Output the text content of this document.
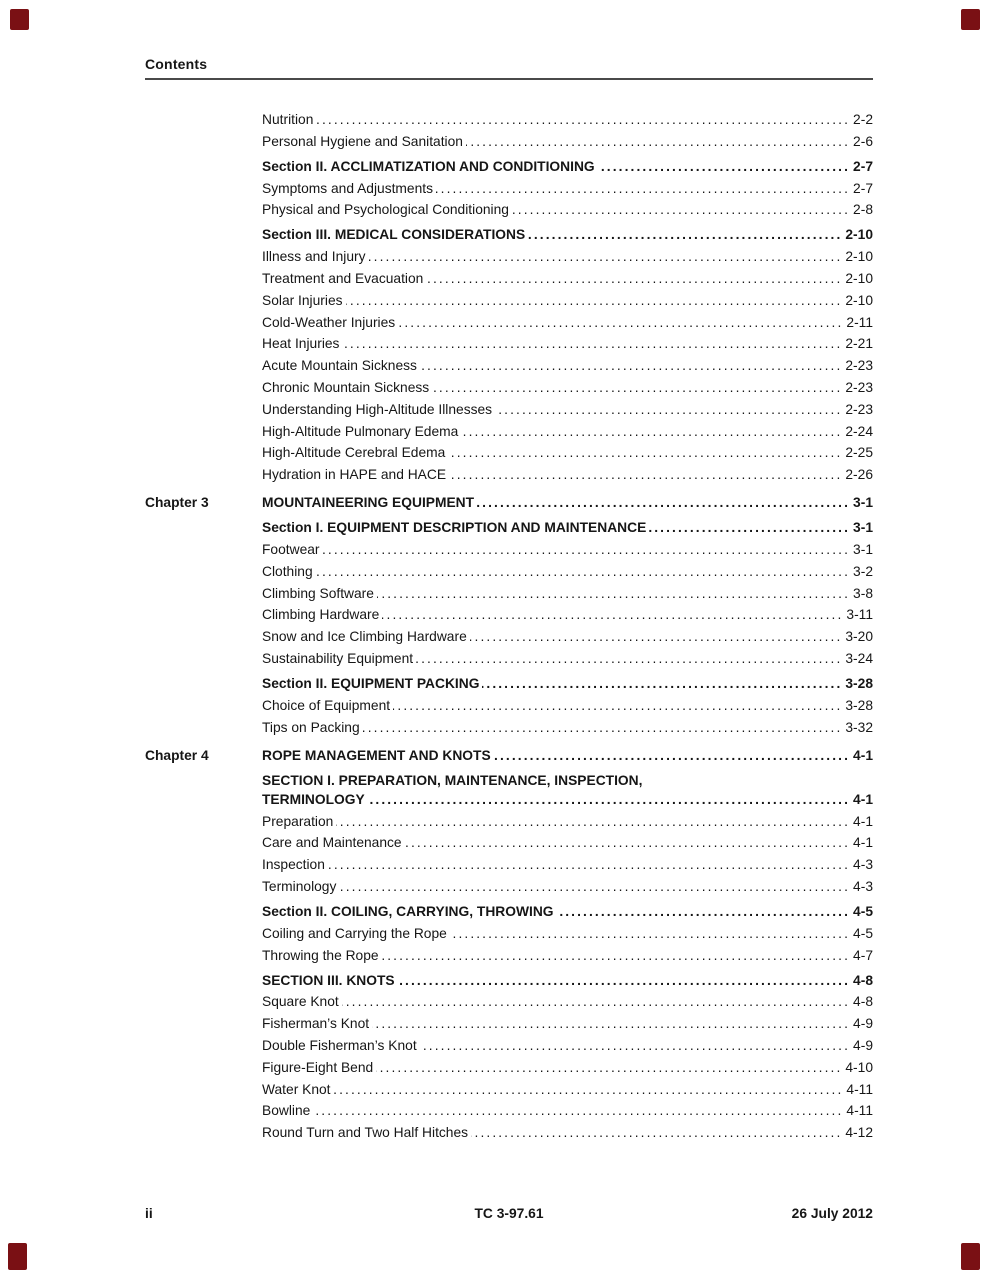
Contents
Nutrition .....	2-2
Personal Hygiene and Sanitation .....	2-6
Section II. ACCLIMATIZATION AND CONDITIONING .....	2-7
Symptoms and Adjustments .....	2-7
Physical and Psychological Conditioning .....	2-8
Section III. MEDICAL CONSIDERATIONS .....	2-10
Illness and Injury .....	2-10
Treatment and Evacuation .....	2-10
Solar Injuries .....	2-10
Cold-Weather Injuries .....	2-11
Heat Injuries .....	2-21
Acute Mountain Sickness .....	2-23
Chronic Mountain Sickness .....	2-23
Understanding High-Altitude Illnesses .....	2-23
High-Altitude Pulmonary Edema .....	2-24
High-Altitude Cerebral Edema .....	2-25
Hydration in HAPE and HACE .....	2-26
Chapter 3	MOUNTAINEERING EQUIPMENT .....	3-1
Section I. EQUIPMENT DESCRIPTION AND MAINTENANCE .....	3-1
Footwear .....	3-1
Clothing .....	3-2
Climbing Software .....	3-8
Climbing Hardware .....	3-11
Snow and Ice Climbing Hardware .....	3-20
Sustainability Equipment .....	3-24
Section II. EQUIPMENT PACKING .....	3-28
Choice of Equipment .....	3-28
Tips on Packing .....	3-32
Chapter 4	ROPE MANAGEMENT AND KNOTS .....	4-1
SECTION I. PREPARATION, MAINTENANCE, INSPECTION,
TERMINOLOGY .....	4-1
Preparation .....	4-1
Care and Maintenance .....	4-1
Inspection .....	4-3
Terminology .....	4-3
Section II. COILING, CARRYING, THROWING .....	4-5
Coiling and Carrying the Rope .....	4-5
Throwing the Rope .....	4-7
SECTION III. KNOTS .....	4-8
Square Knot .....	4-8
Fisherman’s Knot .....	4-9
Double Fisherman’s Knot .....	4-9
Figure-Eight Bend .....	4-10
Water Knot .....	4-11
Bowline .....	4-11
Round Turn and Two Half Hitches .....	4-12
ii	TC 3-97.61	26 July 2012
